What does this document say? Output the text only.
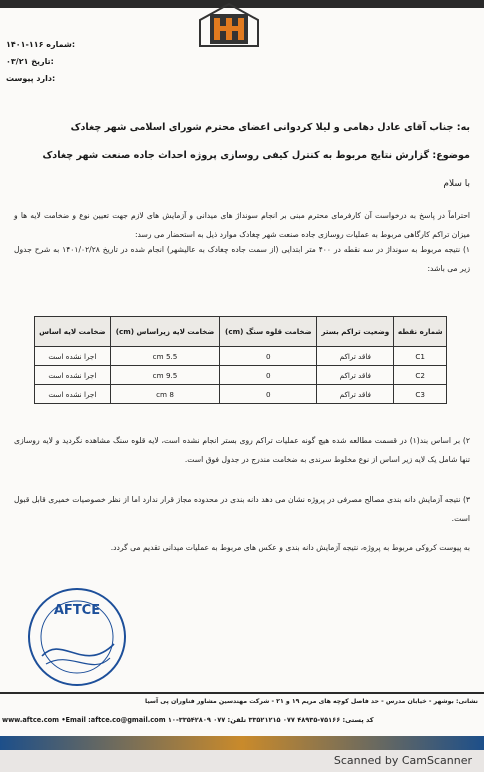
۱۴۰۱-۱۱۶ شماره:
۰۳/۲۱ تاریخ:
دارد پیوست:
به: جناب آقای عادل دهامی و لیلا کردوانی اعضای محترم شورای اسلامی شهر چغادک
موضوع: گزارش نتایج مربوط به کنترل کیفی روسازی پروژه احداث جاده صنعت شهر چغادک
با سلام
احتراماً در پاسخ به درخواست آن کارفرمای محترم مبنی بر انجام سونداژ های میدانی و آزمایش های لازم جهت تعیین نوع و ضخامت لایه ها و میزان تراکم کارگاهی مربوط به عملیات روسازی جاده صنعت شهر چغادک موارد ذیل به استحضار می رسد:
۱) نتیجه مربوط به سونداژ در سه نقطه در ۴۰۰ متر ابتدایی (از سمت جاده چغادک به عالیشهر) انجام شده در تاریخ ۱۴۰۱/۰۲/۲۸ به شرح جدول زیر می باشد:
شماره نقطه	وضعیت تراکم بستر	ضخامت قلوه سنگ (cm)	ضخامت لایه زیراساس (cm)	ضخامت لایه اساس
C1	فاقد تراکم	0	5.5 cm	اجرا نشده است
C2	فاقد تراکم	0	9.5 cm	اجرا نشده است
C3	فاقد تراکم	0	8 cm	اجرا نشده است
۲) بر اساس بند(۱) در قسمت مطالعه شده هیچ گونه عملیات تراکم روی بستر انجام نشده است، لایه قلوه سنگ مشاهده نگردید و لایه روسازی تنها شامل یک لایه زیر اساس از نوع مخلوط سرندی به ضخامت مندرج در جدول فوق است.
۳) نتیجه آزمایش دانه بندی مصالح مصرفی در پروژه نشان می دهد دانه بندی در محدوده مجاز قرار ندارد اما از نظر خصوصیات خمیری قابل قبول است.
به پیوست کروکی مربوط به پروژه، نتیجه آزمایش دانه بندی و عکس های مربوط به عملیات میدانی تقدیم می گردد.
AFTCE
نشانی: بوشهر - خیابان مدرس - حد فاصل کوچه های مریم ۱۹ و ۲۱ - شرکت مهندسین مشاور فناوران پی آسیا
www.aftce.com •Email :aftce.co@gmail.com کد پستی: ۷۵۱۶۶-۴۸۹۳۵ ۰۷۷ ۳۳۵۲۱۲۱۵ تلفن: ۰۷۷ ۳۳۵۴۲۸۰۹-۱۰
Scanned by CamScanner
